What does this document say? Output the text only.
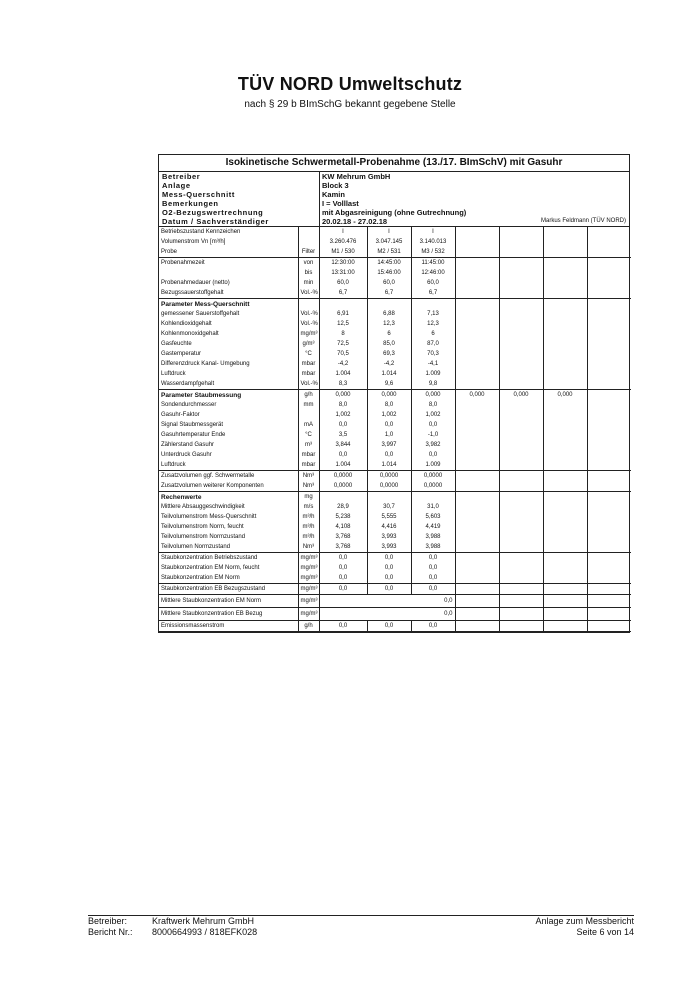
TÜV NORD Umweltschutz
nach § 29 b BImSchG bekannt gegebene Stelle
Isokinetische Schwermetall-Probenahme (13./17. BImSchV) mit Gasuhr
Betreiber	KW Mehrum GmbH
Anlage	Block 3
Mess-Querschnitt	Kamin
Bemerkungen	I = Volllast
O2-Bezugswertrechnung	mit Abgasreinigung (ohne Gutrechnung)
Datum / Sachverständiger	20.02.18 - 27.02.18	Markus Feldmann (TÜV NORD)
Betriebszustand Kennzeichen		I	I	I				
Volumenstrom Vn [m³/h]		3.260.476	3.047.145	3.140.013				
Probe	Filter	M1 / 530	M2 / 531	M3 / 532				
Probenahmezeit	von	12:30:00	14:45:00	11:45:00				
	bis	13:31:00	15:46:00	12:46:00				
Probenahmedauer (netto)	min	60,0	60,0	60,0				
Bezugssauerstoffgehalt	Vol.-%	6,7	6,7	6,7				
Parameter Mess-Querschnitt								
gemessener Sauerstoffgehalt	Vol.-%	6,91	6,88	7,13				
Kohlendioxidgehalt	Vol.-%	12,5	12,3	12,3				
Kohlenmonoxidgehalt	mg/m³	8	6	6				
Gasfeuchte	g/m³	72,5	85,0	87,0				
Gastemperatur	°C	70,5	69,3	70,3				
Differenzdruck Kanal- Umgebung	mbar	-4,2	-4,2	-4,1				
Luftdruck	mbar	1.004	1.014	1.009				
Wasserdampfgehalt	Vol.-%	8,3	9,6	9,8				
Parameter Staubmessung	g/h	0,000	0,000	0,000	0,000	0,000	0,000	
Sondendurchmesser	mm	8,0	8,0	8,0				
Gasuhr-Faktor		1,002	1,002	1,002				
Signal Staubmessgerät	mA	0,0	0,0	0,0				
Gasuhrtemperatur Ende	°C	3,5	1,0	-1,0				
Zählerstand Gasuhr	m³	3,844	3,997	3,982				
Unterdruck Gasuhr	mbar	0,0	0,0	0,0				
Luftdruck	mbar	1.004	1.014	1.009				
Zusatzvolumen ggf. Schwermetalle	Nm³	0,0000	0,0000	0,0000				
Zusatzvolumen weiterer Komponenten	Nm³	0,0000	0,0000	0,0000				
Rechenwerte	mg							
Mittlere Absauggeschwindigkeit	m/s	28,9	30,7	31,0				
Teilvolumenstrom Mess-Querschnitt	m³/h	5,238	5,555	5,603				
Teilvolumenstrom Norm, feucht	m³/h	4,108	4,416	4,419				
Teilvolumenstrom Normzustand	m³/h	3,768	3,993	3,988				
Teilvolumen Normzustand	Nm³	3,768	3,993	3,988				
Staubkonzentration Betriebszustand	mg/m³	0,0	0,0	0,0				
Staubkonzentration EM Norm, feucht	mg/m³	0,0	0,0	0,0				
Staubkonzentration EM Norm	mg/m³	0,0	0,0	0,0				
Staubkonzentration EB Bezugszustand	mg/m³	0,0	0,0	0,0				
Mittlere Staubkonzentration EM Norm	mg/m³	0,0						
Mittlere Staubkonzentration EB Bezug	mg/m³	0,0						
Emissionsmassenstrom	g/h	0,0	0,0	0,0				
Betreiber:	Kraftwerk Mehrum GmbH	Anlage zum Messbericht
Bericht Nr.:	8000664993 / 818EFK028	Seite 6 von 14
